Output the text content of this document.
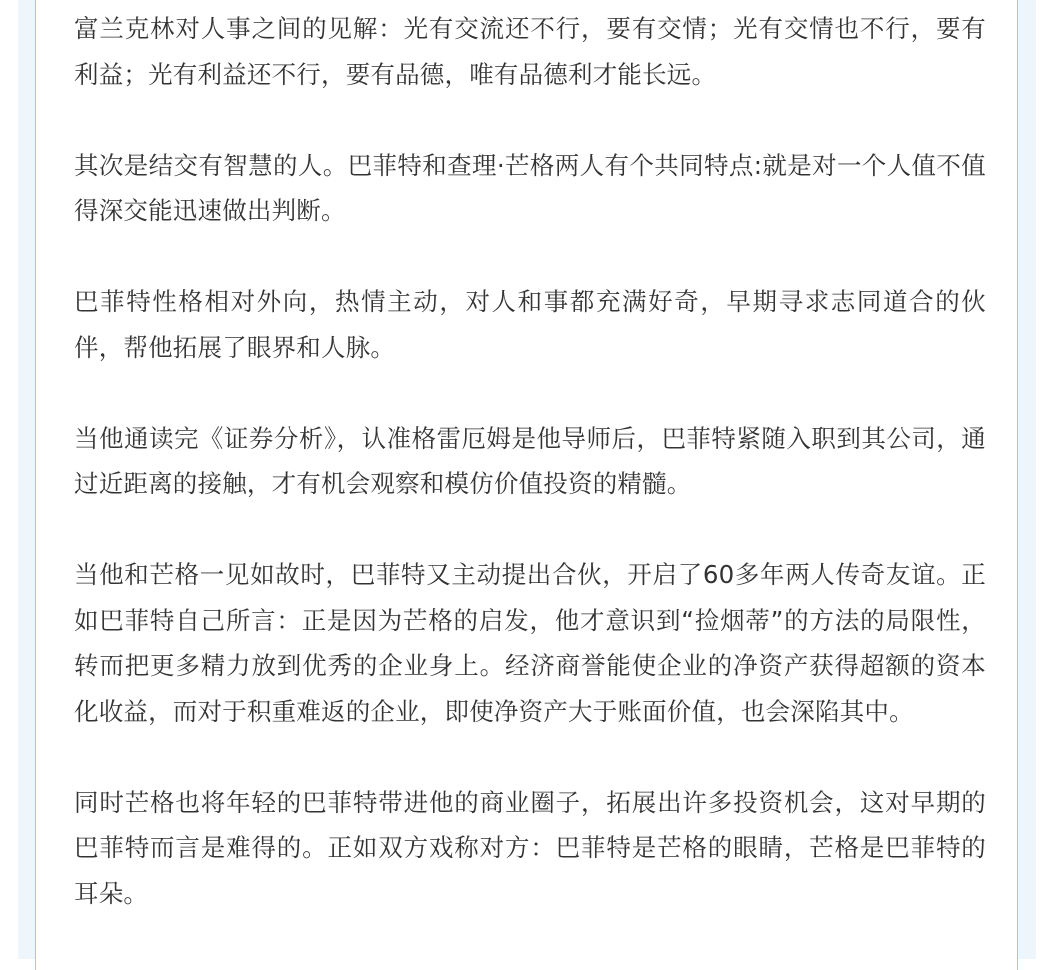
富兰克林对人事之间的见解：光有交流还不行，要有交情；光有交情也不行，要有利益；光有利益还不行，要有品德，唯有品德利才能长远。

其次是结交有智慧的人。巴菲特和查理·芒格两人有个共同特点:就是对一个人值不值得深交能迅速做出判断。

巴菲特性格相对外向，热情主动，对人和事都充满好奇，早期寻求志同道合的伙伴，帮他拓展了眼界和人脉。

当他通读完《证券分析》，认准格雷厄姆是他导师后，巴菲特紧随入职到其公司，通过近距离的接触，才有机会观察和模仿价值投资的精髓。

当他和芒格一见如故时，巴菲特又主动提出合伙，开启了60多年两人传奇友谊。正如巴菲特自己所言：正是因为芒格的启发，他才意识到“捡烟蒂”的方法的局限性，转而把更多精力放到优秀的企业身上。经济商誉能使企业的净资产获得超额的资本化收益，而对于积重难返的企业，即使净资产大于账面价值，也会深陷其中。

同时芒格也将年轻的巴菲特带进他的商业圈子，拓展出许多投资机会，这对早期的巴菲特而言是难得的。正如双方戏称对方：巴菲特是芒格的眼睛，芒格是巴菲特的耳朵。
